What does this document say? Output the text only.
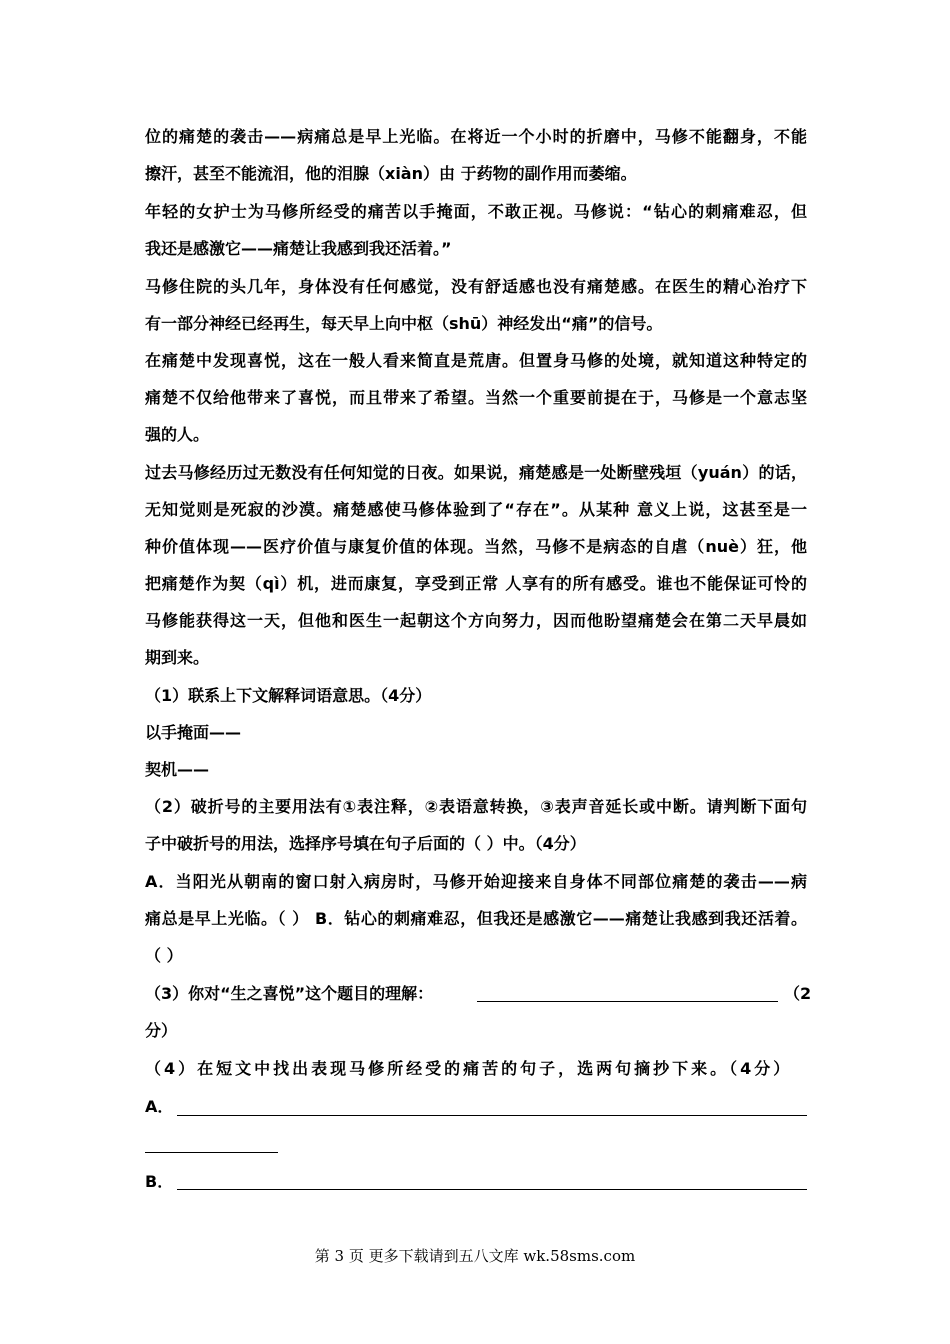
位的痛楚的袭击——病痛总是早上光临。在将近一个小时的折磨中，马修不能翻身，不能
擦汗，甚至不能流泪，他的泪腺（xiàn）由 于药物的副作用而萎缩。
年轻的女护士为马修所经受的痛苦以手掩面，不敢正视。马修说：“钻心的刺痛难忍，但
我还是感激它——痛楚让我感到我还活着。”
马修住院的头几年，身体没有任何感觉，没有舒适感也没有痛楚感。在医生的精心治疗下
有一部分神经已经再生，每天早上向中枢（shū）神经发出“痛”的信号。
在痛楚中发现喜悦，这在一般人看来简直是荒唐。但置身马修的处境，就知道这种特定的
痛楚不仅给他带来了喜悦，而且带来了希望。当然一个重要前提在于，马修是一个意志坚
强的人。
过去马修经历过无数没有任何知觉的日夜。如果说，痛楚感是一处断壁残垣（yuán）的话，
无知觉则是死寂的沙漠。痛楚感使马修体验到了“存在”。从某种 意义上说，这甚至是一
种价值体现——医疗价值与康复价值的体现。当然，马修不是病态的自虐（nuè）狂，他
把痛楚作为契（qì）机，进而康复，享受到正常 人享有的所有感受。谁也不能保证可怜的
马修能获得这一天，但他和医生一起朝这个方向努力，因而他盼望痛楚会在第二天早晨如
期到来。
（1）联系上下文解释词语意思。（4分）
以手掩面——
契机——
（2）破折号的主要用法有①表注释，②表语意转换，③表声音延长或中断。请判断下面句
子中破折号的用法，选择序号填在句子后面的（ ）中。（4分）
A．当阳光从朝南的窗口射入病房时，马修开始迎接来自身体不同部位痛楚的袭击——病
痛总是早上光临。（ ） B．钻心的刺痛难忍，但我还是感激它——痛楚让我感到我还活着。
（ ）
（3）你对“生之喜悦”这个题目的理解：	（2
分）
（4）在短文中找出表现马修所经受的痛苦的句子，选两句摘抄下来。（4分）
A．
B．
第 3 页 更多下载请到五八文库 wk.58sms.com
